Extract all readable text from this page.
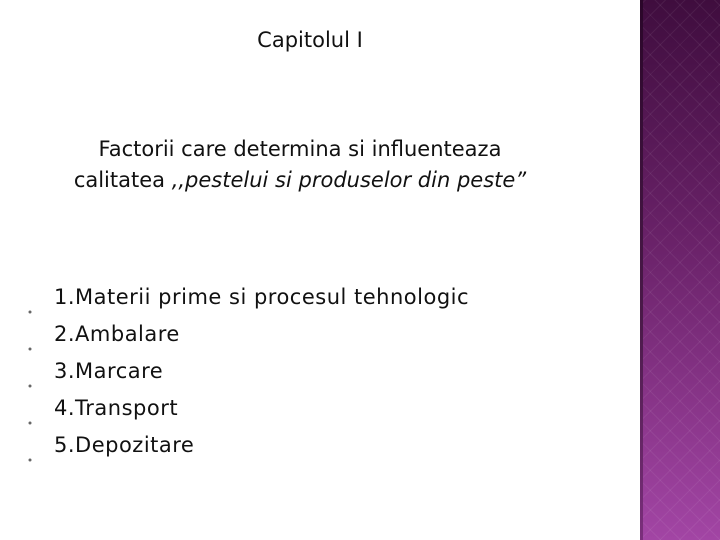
Capitolul I
Factorii care determina si influenteaza
calitatea ,,pestelui si produselor din peste”
1.Materii prime si procesul tehnologic
2.Ambalare
3.Marcare
4.Transport
5.Depozitare
